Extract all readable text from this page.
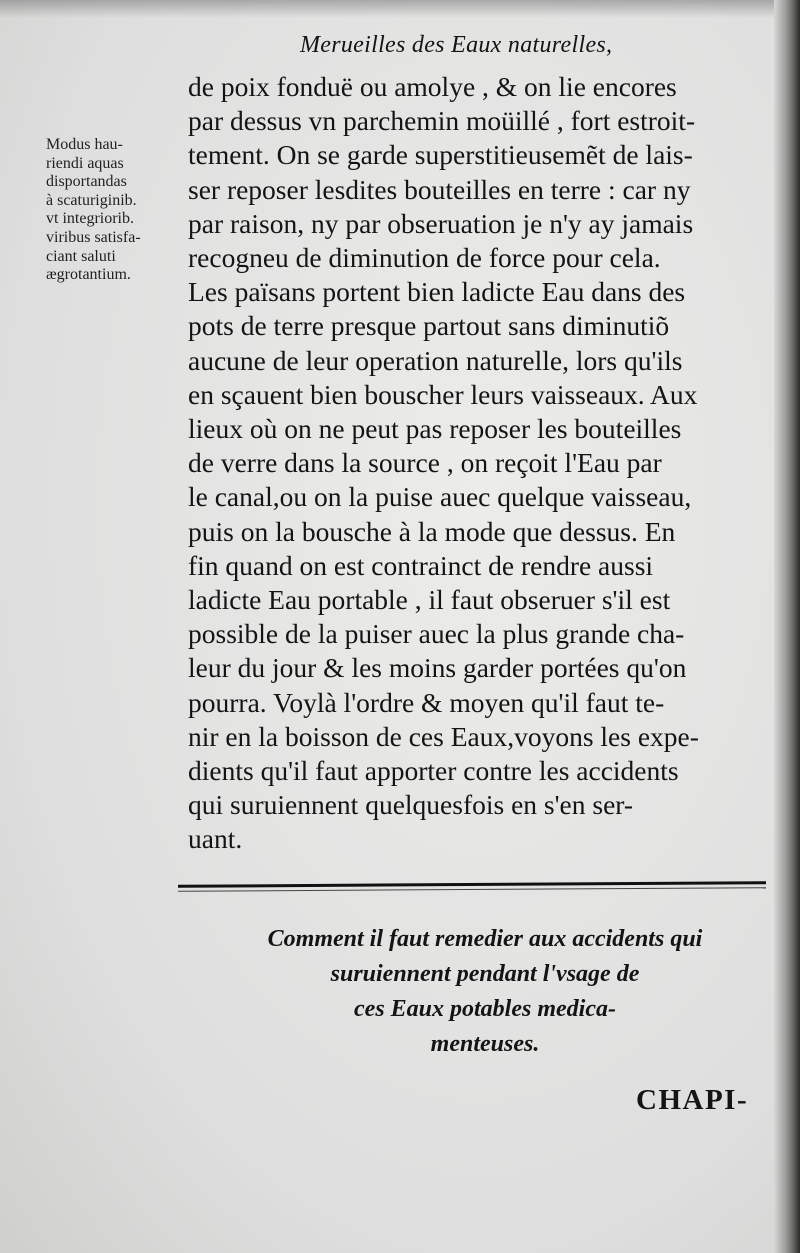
Merueilles des Eaux naturelles,
Modus hau-
riendi aquas
disportandas
à scaturiginib.
vt integriorib.
viribus satisfa-
ciant saluti
ægrotantium.
de poix fonduë ou amolye , & on lie encores
par dessus vn parchemin moüillé , fort estroit-
tement. On se garde superstitieusemẽt de lais-
ser reposer lesdites bouteilles en terre : car ny
par raison, ny par obseruation je n'y ay jamais
recogneu de diminution de force pour cela.
Les païsans portent bien ladicte Eau dans des
pots de terre presque partout sans diminutiõ
aucune de leur operation naturelle, lors qu'ils
en sçauent bien bouscher leurs vaisseaux. Aux
lieux où on ne peut pas reposer les bouteilles
de verre dans la source , on reçoit l'Eau par
le canal,ou on la puise auec quelque vaisseau,
puis on la bousche à la mode que dessus. En
fin quand on est contrainct de rendre aussi
ladicte Eau portable , il faut obseruer s'il est
possible de la puiser auec la plus grande cha-
leur du jour & les moins garder portées qu'on
pourra. Voylà l'ordre & moyen qu'il faut te-
nir en la boisson de ces Eaux,voyons les expe-
dients qu'il faut apporter contre les accidents
qui suruiennent quelquesfois en s'en ser-
uant.
Comment il faut remedier aux accidents qui
suruiennent pendant l'vsage de
ces Eaux potables medica-
menteuses.
CHAPI-
